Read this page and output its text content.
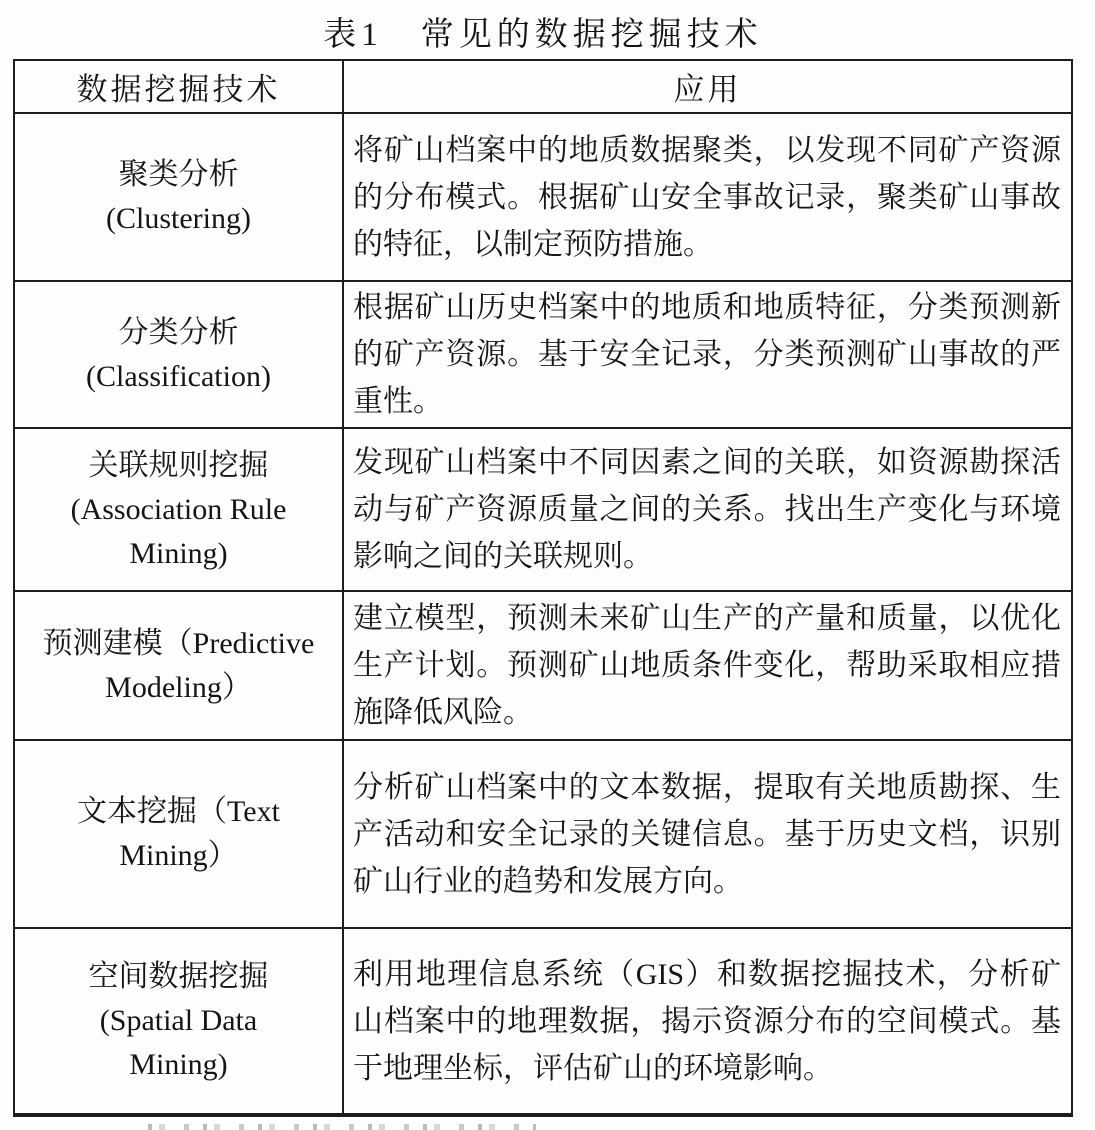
表1　常见的数据挖掘技术
数据挖掘技术	应用

聚类分析
(Clustering)	将矿山档案中的地质数据聚类，以发现不同矿产资源的分布模式。根据矿山安全事故记录，聚类矿山事故的特征，以制定预防措施。

分类分析
(Classification)	根据矿山历史档案中的地质和地质特征，分类预测新的矿产资源。基于安全记录，分类预测矿山事故的严重性。

关联规则挖掘
(Association Rule
Mining)	发现矿山档案中不同因素之间的关联，如资源勘探活动与矿产资源质量之间的关系。找出生产变化与环境影响之间的关联规则。

预测建模（Predictive
Modeling）	建立模型，预测未来矿山生产的产量和质量，以优化生产计划。预测矿山地质条件变化，帮助采取相应措施降低风险。

文本挖掘（Text
Mining）	分析矿山档案中的文本数据，提取有关地质勘探、生产活动和安全记录的关键信息。基于历史文档，识别矿山行业的趋势和发展方向。

空间数据挖掘
(Spatial Data
Mining)	利用地理信息系统（GIS）和数据挖掘技术，分析矿山档案中的地理数据，揭示资源分布的空间模式。基于地理坐标，评估矿山的环境影响。
